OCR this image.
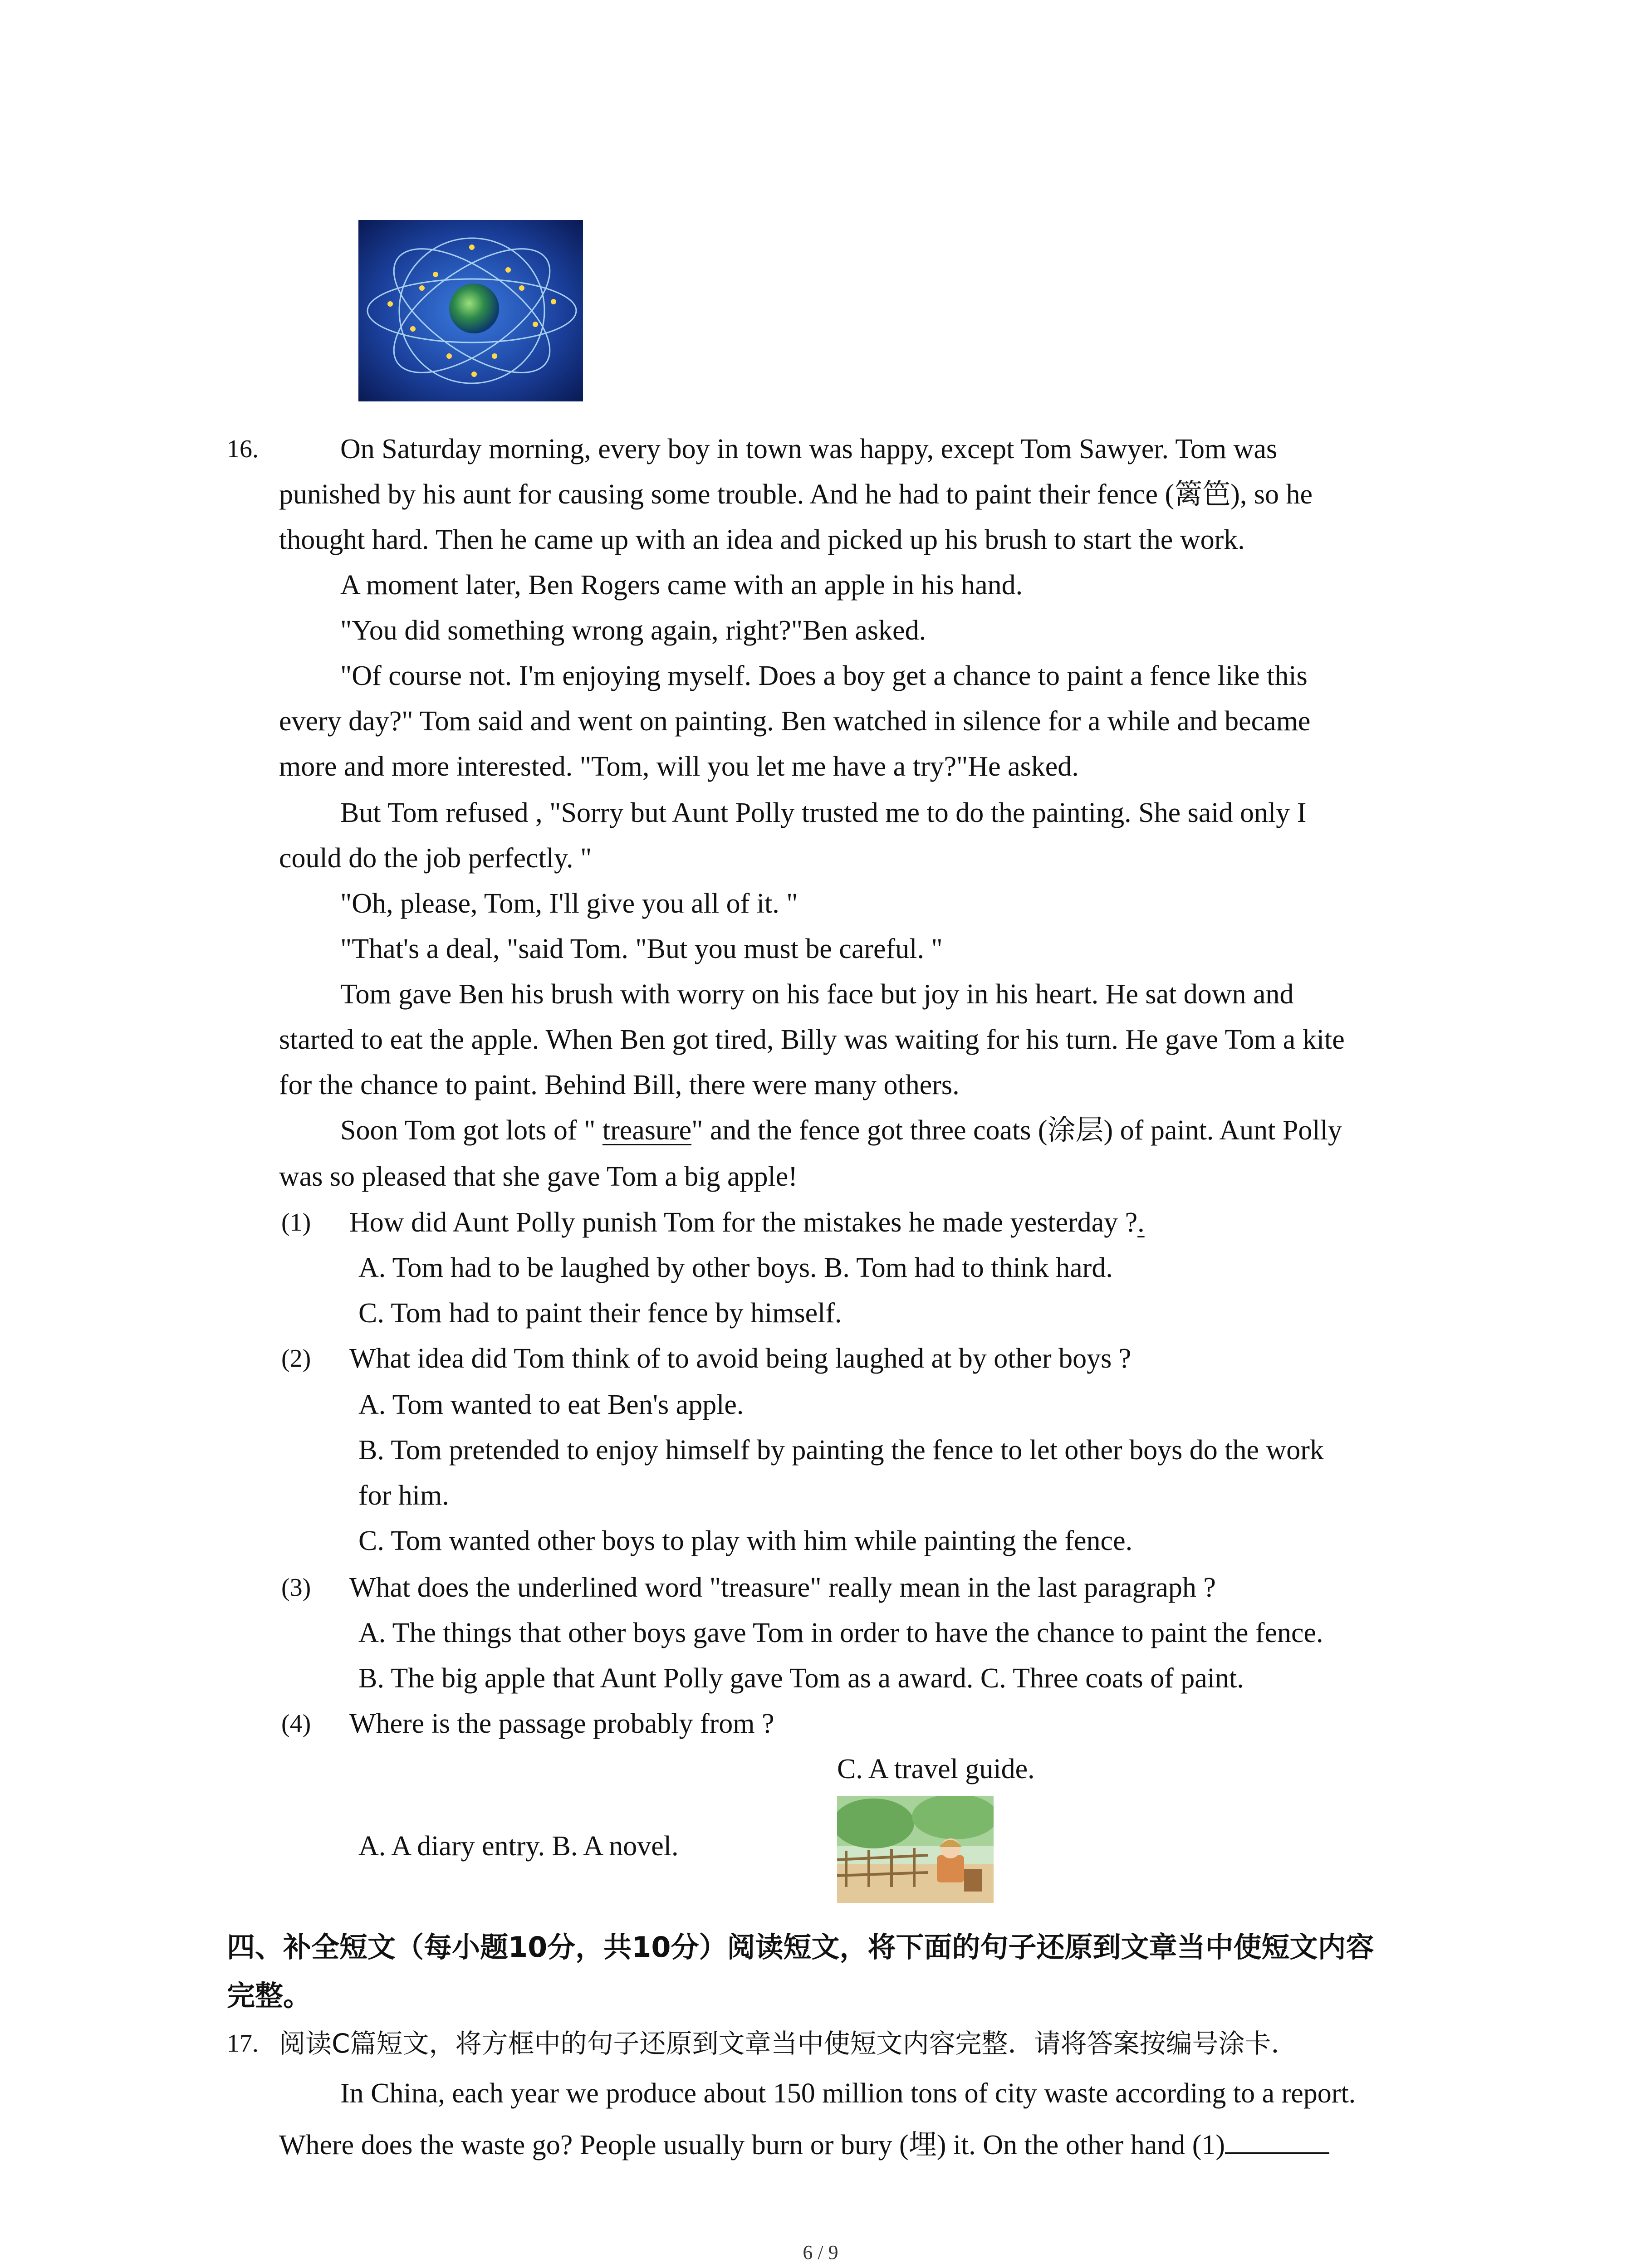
16.	On Saturday morning, every boy in town was happy, except Tom Sawyer. Tom was
punished by his aunt for causing some trouble. And he had to paint their fence (篱笆), so he
thought hard. Then he came up with an idea and picked up his brush to start the work.
A moment later, Ben Rogers came with an apple in his hand.
"You did something wrong again, right?"Ben asked.
"Of course not. I'm enjoying myself. Does a boy get a chance to paint a fence like this
every day?" Tom said and went on painting. Ben watched in silence for a while and became
more and more interested. "Tom, will you let me have a try?"He asked.
But Tom refused , "Sorry but Aunt Polly trusted me to do the painting. She said only I
could do the job perfectly. "
"Oh, please, Tom, I'll give you all of it. "
"That's a deal, "said Tom. "But you must be careful. "
Tom gave Ben his brush with worry on his face but joy in his heart. He sat down and
started to eat the apple. When Ben got tired, Billy was waiting for his turn. He gave Tom a kite
for the chance to paint. Behind Bill, there were many others.
Soon Tom got lots of " treasure" and the fence got three coats (涂层) of paint. Aunt Polly
was so pleased that she gave Tom a big apple!
(1) How did Aunt Polly punish Tom for the mistakes he made yesterday ?.
A. Tom had to be laughed by other boys. B. Tom had to think hard.
C. Tom had to paint their fence by himself.
(2) What idea did Tom think of to avoid being laughed at by other boys ?
A. Tom wanted to eat Ben's apple.
B. Tom pretended to enjoy himself by painting the fence to let other boys do the work
for him.
C. Tom wanted other boys to play with him while painting the fence.
(3) What does the underlined word "treasure" really mean in the last paragraph ?
A. The things that other boys gave Tom in order to have the chance to paint the fence.
B. The big apple that Aunt Polly gave Tom as a award. C. Three coats of paint.
(4) Where is the passage probably from ?
C. A travel guide.
A. A diary entry. B. A novel.
四、补全短文（每小题10分，共10分）阅读短文，将下面的句子还原到文章当中使短文内容
完整。
17. 阅读C篇短文，将方框中的句子还原到文章当中使短文内容完整．请将答案按编号涂卡．
In China, each year we produce about 150 million tons of city waste according to a report.
Where does the waste go? People usually burn or bury (埋) it. On the other hand (1)
6 / 9
